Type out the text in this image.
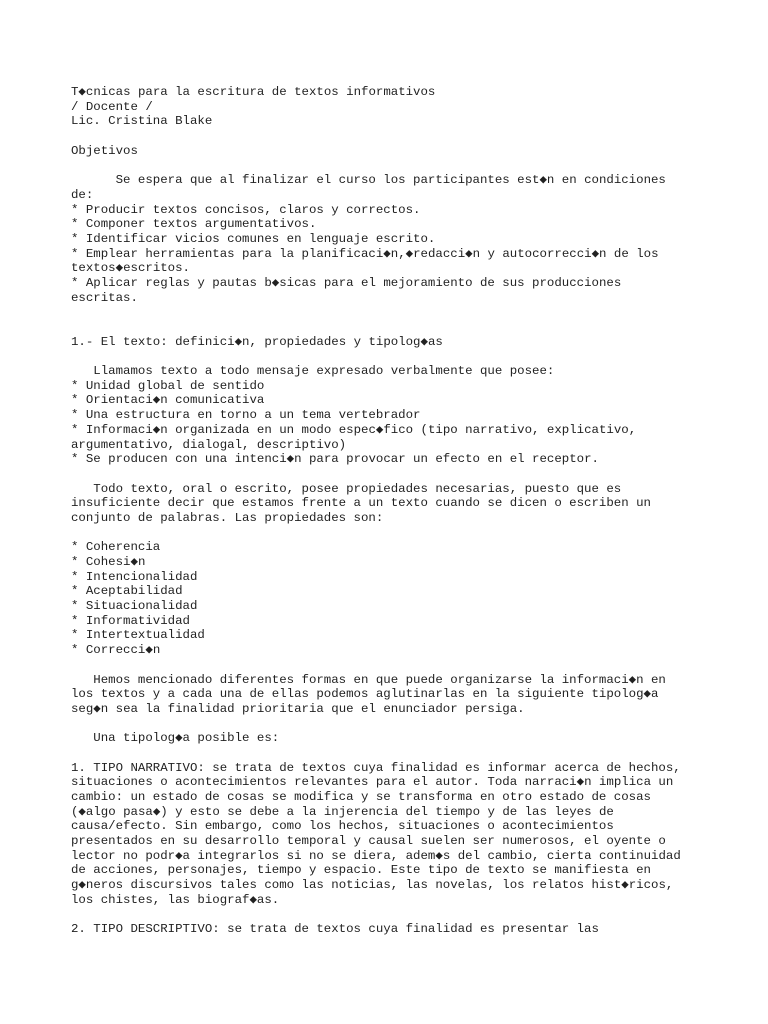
T◆cnicas para la escritura de textos informativos
/ Docente /
Lic. Cristina Blake
Objetivos
Se espera que al finalizar el curso los participantes est◆n en condiciones
de:
* Producir textos concisos, claros y correctos.
* Componer textos argumentativos.
* Identificar vicios comunes en lenguaje escrito.
* Emplear herramientas para la planificaci◆n,◆redacci◆n y autocorrecci◆n de los
textos◆escritos.
* Aplicar reglas y pautas b◆sicas para el mejoramiento de sus producciones
escritas.
1.- El texto: definici◆n, propiedades y tipolog◆as
Llamamos texto a todo mensaje expresado verbalmente que posee:
* Unidad global de sentido
* Orientaci◆n comunicativa
* Una estructura en torno a un tema vertebrador
* Informaci◆n organizada en un modo espec◆fico (tipo narrativo, explicativo,
argumentativo, dialogal, descriptivo)
* Se producen con una intenci◆n para provocar un efecto en el receptor.
Todo texto, oral o escrito, posee propiedades necesarias, puesto que es
insuficiente decir que estamos frente a un texto cuando se dicen o escriben un
conjunto de palabras. Las propiedades son:
* Coherencia
* Cohesi◆n
* Intencionalidad
* Aceptabilidad
* Situacionalidad
* Informatividad
* Intertextualidad
* Correcci◆n
Hemos mencionado diferentes formas en que puede organizarse la informaci◆n en
los textos y a cada una de ellas podemos aglutinarlas en la siguiente tipolog◆a
seg◆n sea la finalidad prioritaria que el enunciador persiga.
Una tipolog◆a posible es:
1. TIPO NARRATIVO: se trata de textos cuya finalidad es informar acerca de hechos,
situaciones o acontecimientos relevantes para el autor. Toda narraci◆n implica un
cambio: un estado de cosas se modifica y se transforma en otro estado de cosas
(◆algo pasa◆) y esto se debe a la injerencia del tiempo y de las leyes de
causa/efecto. Sin embargo, como los hechos, situaciones o acontecimientos
presentados en su desarrollo temporal y causal suelen ser numerosos, el oyente o
lector no podr◆a integrarlos si no se diera, adem◆s del cambio, cierta continuidad
de acciones, personajes, tiempo y espacio. Este tipo de texto se manifiesta en
g◆neros discursivos tales como las noticias, las novelas, los relatos hist◆ricos,
los chistes, las biograf◆as.
2. TIPO DESCRIPTIVO: se trata de textos cuya finalidad es presentar las
